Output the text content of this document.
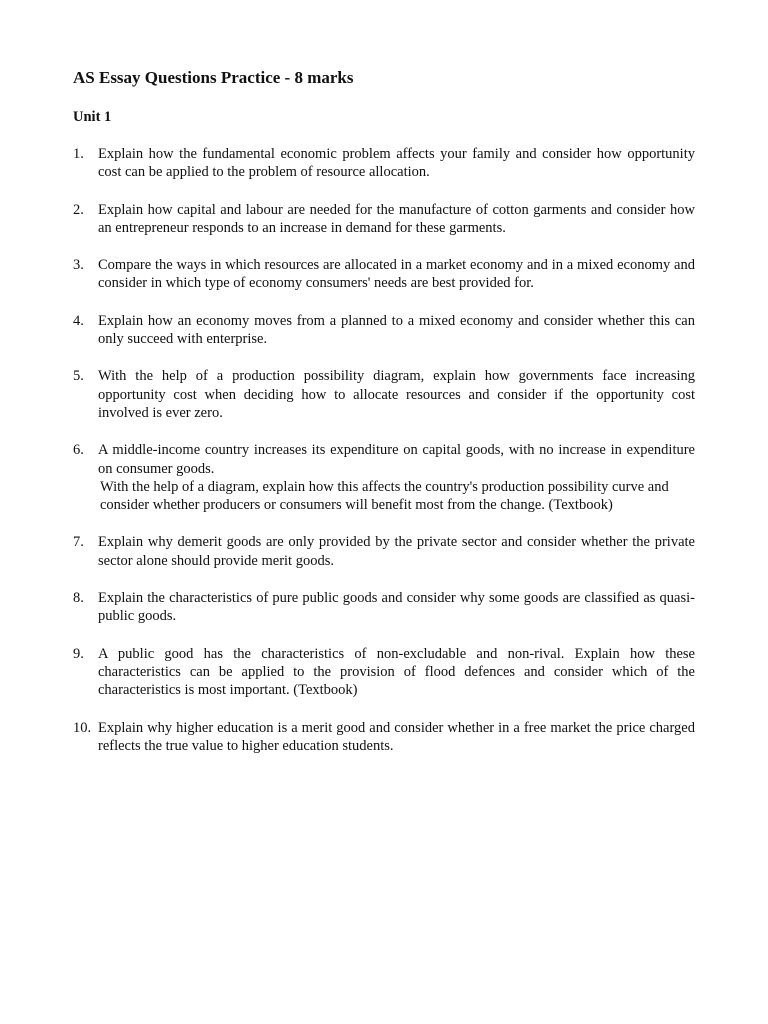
AS Essay Questions Practice - 8 marks
Unit 1
1. Explain how the fundamental economic problem affects your family and consider how opportunity cost can be applied to the problem of resource allocation.
2. Explain how capital and labour are needed for the manufacture of cotton garments and consider how an entrepreneur responds to an increase in demand for these garments.
3. Compare the ways in which resources are allocated in a market economy and in a mixed economy and consider in which type of economy consumers' needs are best provided for.
4. Explain how an economy moves from a planned to a mixed economy and consider whether this can only succeed with enterprise.
5. With the help of a production possibility diagram, explain how governments face increasing opportunity cost when deciding how to allocate resources and consider if the opportunity cost involved is ever zero.
6. A middle-income country increases its expenditure on capital goods, with no increase in expenditure on consumer goods.
With the help of a diagram, explain how this affects the country's production possibility curve and consider whether producers or consumers will benefit most from the change. (Textbook)
7. Explain why demerit goods are only provided by the private sector and consider whether the private sector alone should provide merit goods.
8. Explain the characteristics of pure public goods and consider why some goods are classified as quasi-public goods.
9. A public good has the characteristics of non-excludable and non-rival. Explain how these characteristics can be applied to the provision of flood defences and consider which of the characteristics is most important. (Textbook)
10. Explain why higher education is a merit good and consider whether in a free market the price charged reflects the true value to higher education students.
